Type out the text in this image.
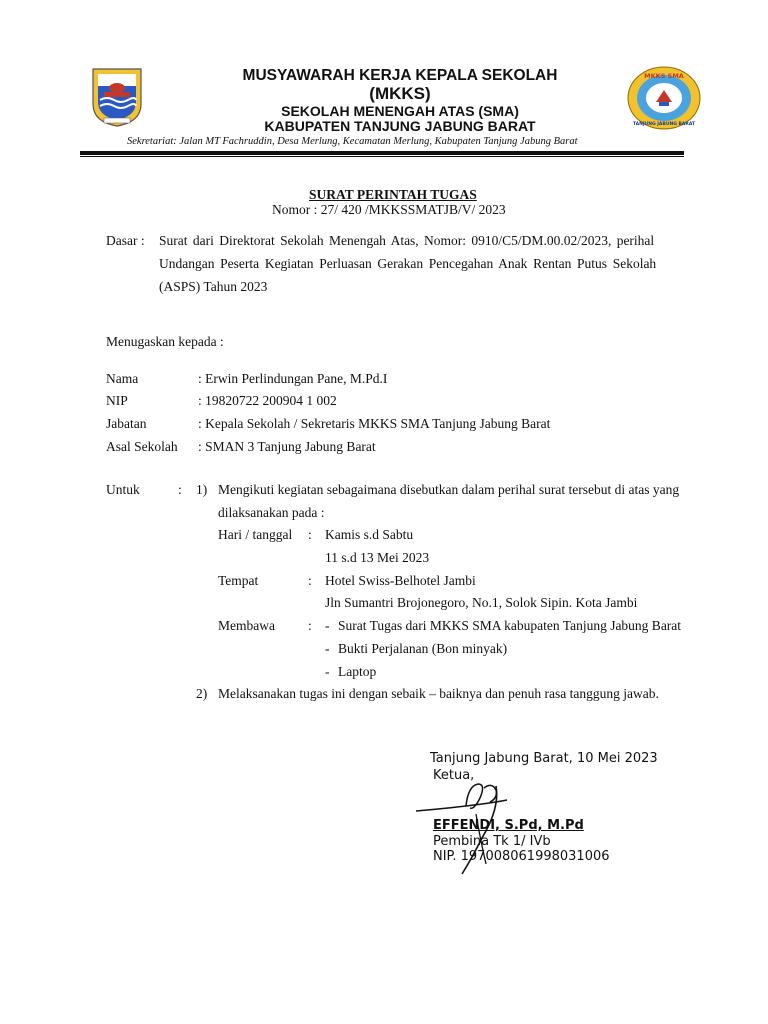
MKKS SMA
TANJUNG JABUNG BARAT
MUSYAWARAH KERJA KEPALA SEKOLAH
(MKKS)
SEKOLAH MENENGAH ATAS (SMA)
KABUPATEN TANJUNG JABUNG BARAT
Sekretariat: Jalan MT Fachruddin, Desa Merlung, Kecamatan Merlung, Kabupaten Tanjung Jabung Barat
SURAT PERINTAH TUGAS
Nomor : 27/ 420 /MKKSSMATJB/V/ 2023
Dasar : Surat dari Direktorat Sekolah Menengah Atas, Nomor: 0910/C5/DM.00.02/2023, perihal
Undangan Peserta Kegiatan Perluasan Gerakan Pencegahan Anak Rentan Putus Sekolah
(ASPS) Tahun 2023
Menugaskan kepada :
Nama	: Erwin Perlindungan Pane, M.Pd.I
NIP	: 19820722 200904 1 002
Jabatan	: Kepala Sekolah / Sekretaris MKKS SMA Tanjung Jabung Barat
Asal Sekolah : SMAN 3 Tanjung Jabung Barat
Untuk	: 1) Mengikuti kegiatan sebagaimana disebutkan dalam perihal surat tersebut di atas yang
dilaksanakan pada :
Hari / tanggal : Kamis s.d Sabtu
11 s.d 13 Mei 2023
Tempat	: Hotel Swiss-Belhotel Jambi
Jln Sumantri Brojonegoro, No.1, Solok Sipin. Kota Jambi
Membawa : - Surat Tugas dari MKKS SMA kabupaten Tanjung Jabung Barat
- Bukti Perjalanan (Bon minyak)
- Laptop
2) Melaksanakan tugas ini dengan sebaik – baiknya dan penuh rasa tanggung jawab.
Tanjung Jabung Barat, 10 Mei 2023
Ketua,
EFFENDI, S.Pd, M.Pd
Pembina Tk 1/ IVb
NIP. 197008061998031006
